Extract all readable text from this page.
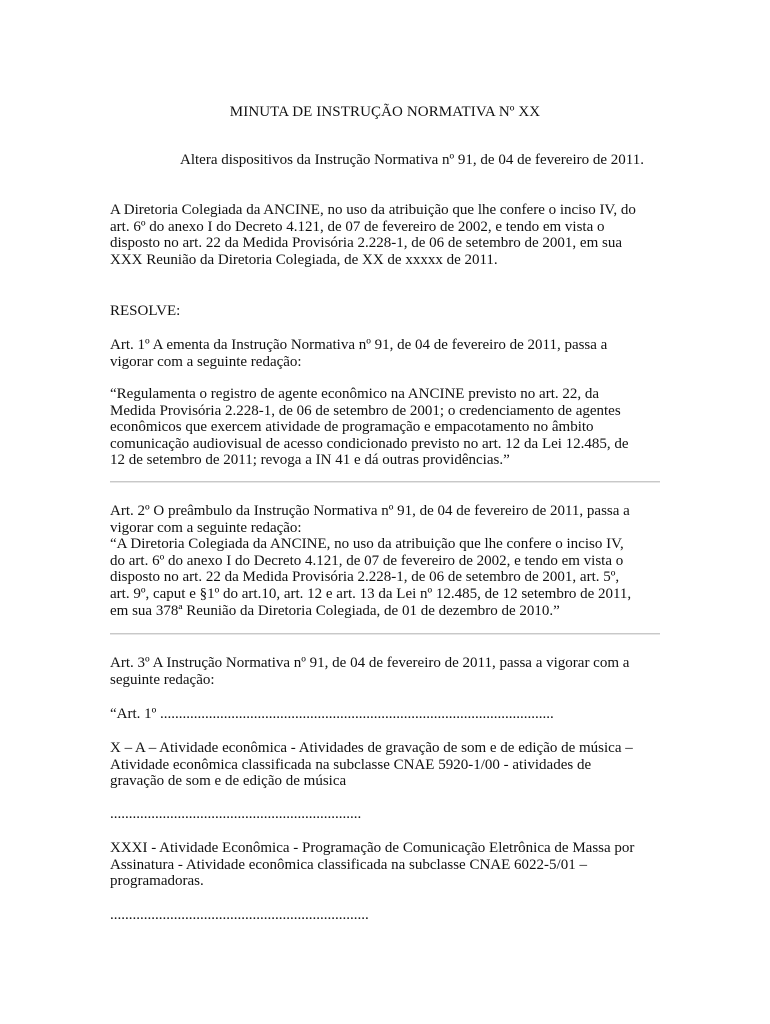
MINUTA DE INSTRUÇÃO NORMATIVA Nº XX
Altera dispositivos da Instrução Normativa nº 91, de 04 de fevereiro de 2011.
A Diretoria Colegiada da ANCINE, no uso da atribuição que lhe confere o inciso IV, do
art. 6º do anexo I do Decreto 4.121, de 07 de fevereiro de 2002, e tendo em vista o
disposto no art. 22 da Medida Provisória 2.228-1, de 06 de setembro de 2001, em sua
XXX Reunião da Diretoria Colegiada, de XX de xxxxx de 2011.
RESOLVE:
Art. 1º A ementa da Instrução Normativa nº 91, de 04 de fevereiro de 2011, passa a
vigorar com a seguinte redação:
“Regulamenta o registro de agente econômico na ANCINE previsto no art. 22, da
Medida Provisória 2.228-1, de 06 de setembro de 2001; o credenciamento de agentes
econômicos que exercem atividade de programação e empacotamento no âmbito
comunicação audiovisual de acesso condicionado previsto no art. 12 da Lei 12.485, de
12 de setembro de 2011; revoga a IN 41 e dá outras providências.”
Art. 2º O preâmbulo da Instrução Normativa nº 91, de 04 de fevereiro de 2011, passa a
vigorar com a seguinte redação:
“A Diretoria Colegiada da ANCINE, no uso da atribuição que lhe confere o inciso IV,
do art. 6º do anexo I do Decreto 4.121, de 07 de fevereiro de 2002, e tendo em vista o
disposto no art. 22 da Medida Provisória 2.228-1, de 06 de setembro de 2001, art. 5º,
art. 9º, caput e §1º do art.10, art. 12 e art. 13 da Lei nº 12.485, de 12 setembro de 2011,
em sua 378ª Reunião da Diretoria Colegiada, de 01 de dezembro de 2010.”
Art. 3º A Instrução Normativa nº 91, de 04 de fevereiro de 2011, passa a vigorar com a
seguinte redação:
“Art. 1º .........................................................................................................
X – A – Atividade econômica - Atividades de gravação de som e de edição de música –
Atividade econômica classificada na subclasse CNAE 5920-1/00 - atividades de
gravação de som e de edição de música
...................................................................
XXXI - Atividade Econômica - Programação de Comunicação Eletrônica de Massa por
Assinatura - Atividade econômica classificada na subclasse CNAE 6022-5/01 –
programadoras.
.....................................................................
